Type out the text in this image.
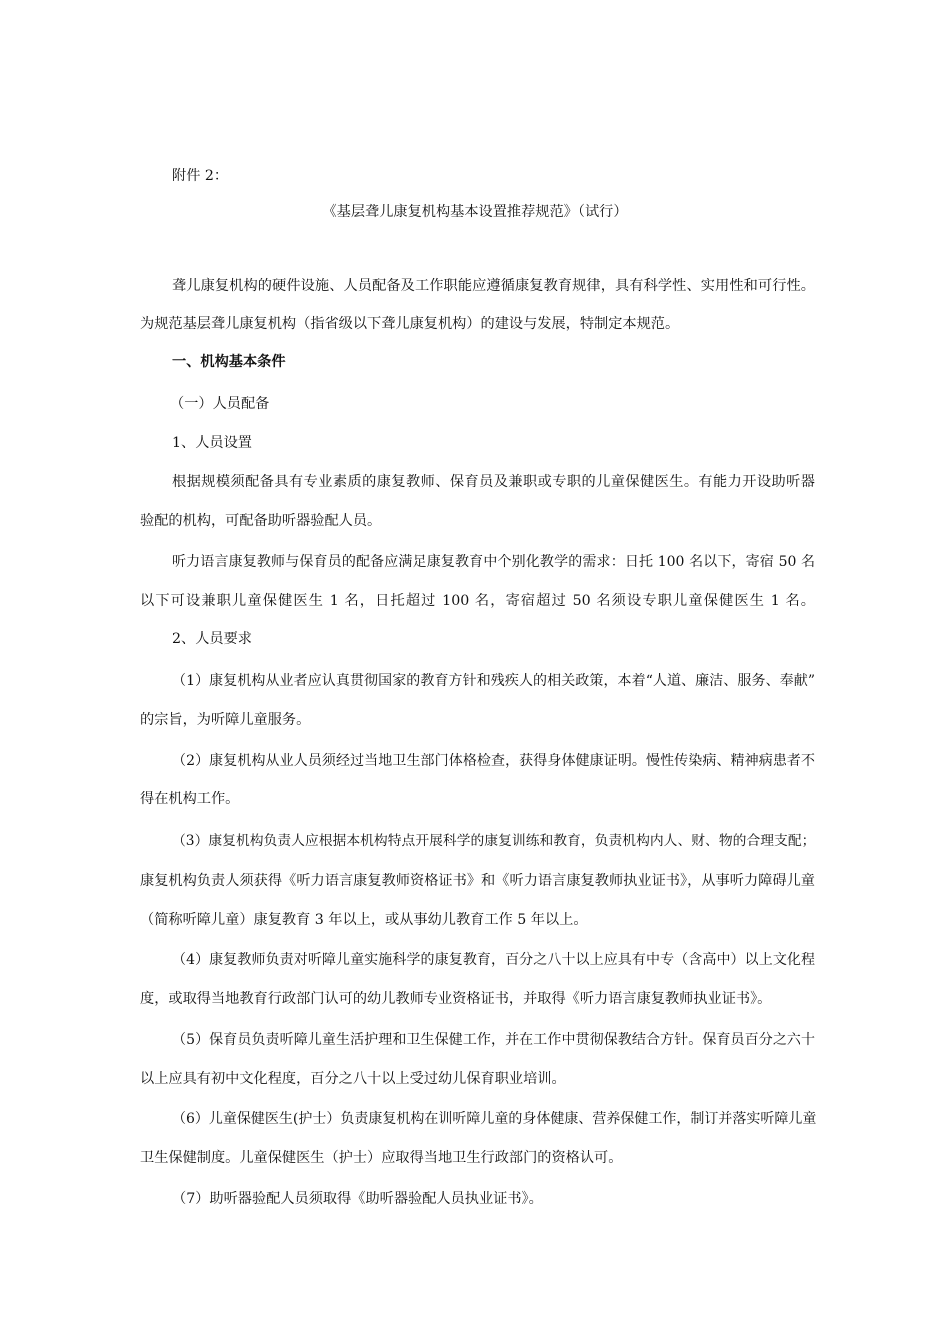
附件 2：
《基层聋儿康复机构基本设置推荐规范》（试行）
聋儿康复机构的硬件设施、人员配备及工作职能应遵循康复教育规律，具有科学性、实用性和可行性。
为规范基层聋儿康复机构（指省级以下聋儿康复机构）的建设与发展，特制定本规范。
一、机构基本条件
（一）人员配备
1、人员设置
根据规模须配备具有专业素质的康复教师、保育员及兼职或专职的儿童保健医生。有能力开设助听器
验配的机构，可配备助听器验配人员。
听力语言康复教师与保育员的配备应满足康复教育中个别化教学的需求：日托 100 名以下，寄宿 50 名
以下可设兼职儿童保健医生 1 名，日托超过 100 名，寄宿超过 50 名须设专职儿童保健医生 1 名。
2、人员要求
（1）康复机构从业者应认真贯彻国家的教育方针和残疾人的相关政策，本着“人道、廉洁、服务、奉献”
的宗旨，为听障儿童服务。
（2）康复机构从业人员须经过当地卫生部门体格检查，获得身体健康证明。慢性传染病、精神病患者不
得在机构工作。
（3）康复机构负责人应根据本机构特点开展科学的康复训练和教育，负责机构内人、财、物的合理支配；
康复机构负责人须获得《听力语言康复教师资格证书》和《听力语言康复教师执业证书》，从事听力障碍儿童
（简称听障儿童）康复教育 3 年以上，或从事幼儿教育工作 5 年以上。
（4）康复教师负责对听障儿童实施科学的康复教育，百分之八十以上应具有中专（含高中）以上文化程
度，或取得当地教育行政部门认可的幼儿教师专业资格证书，并取得《听力语言康复教师执业证书》。
（5）保育员负责听障儿童生活护理和卫生保健工作，并在工作中贯彻保教结合方针。保育员百分之六十
以上应具有初中文化程度，百分之八十以上受过幼儿保育职业培训。
（6）儿童保健医生(护士）负责康复机构在训听障儿童的身体健康、营养保健工作，制订并落实听障儿童
卫生保健制度。儿童保健医生（护士）应取得当地卫生行政部门的资格认可。
（7）助听器验配人员须取得《助听器验配人员执业证书》。
